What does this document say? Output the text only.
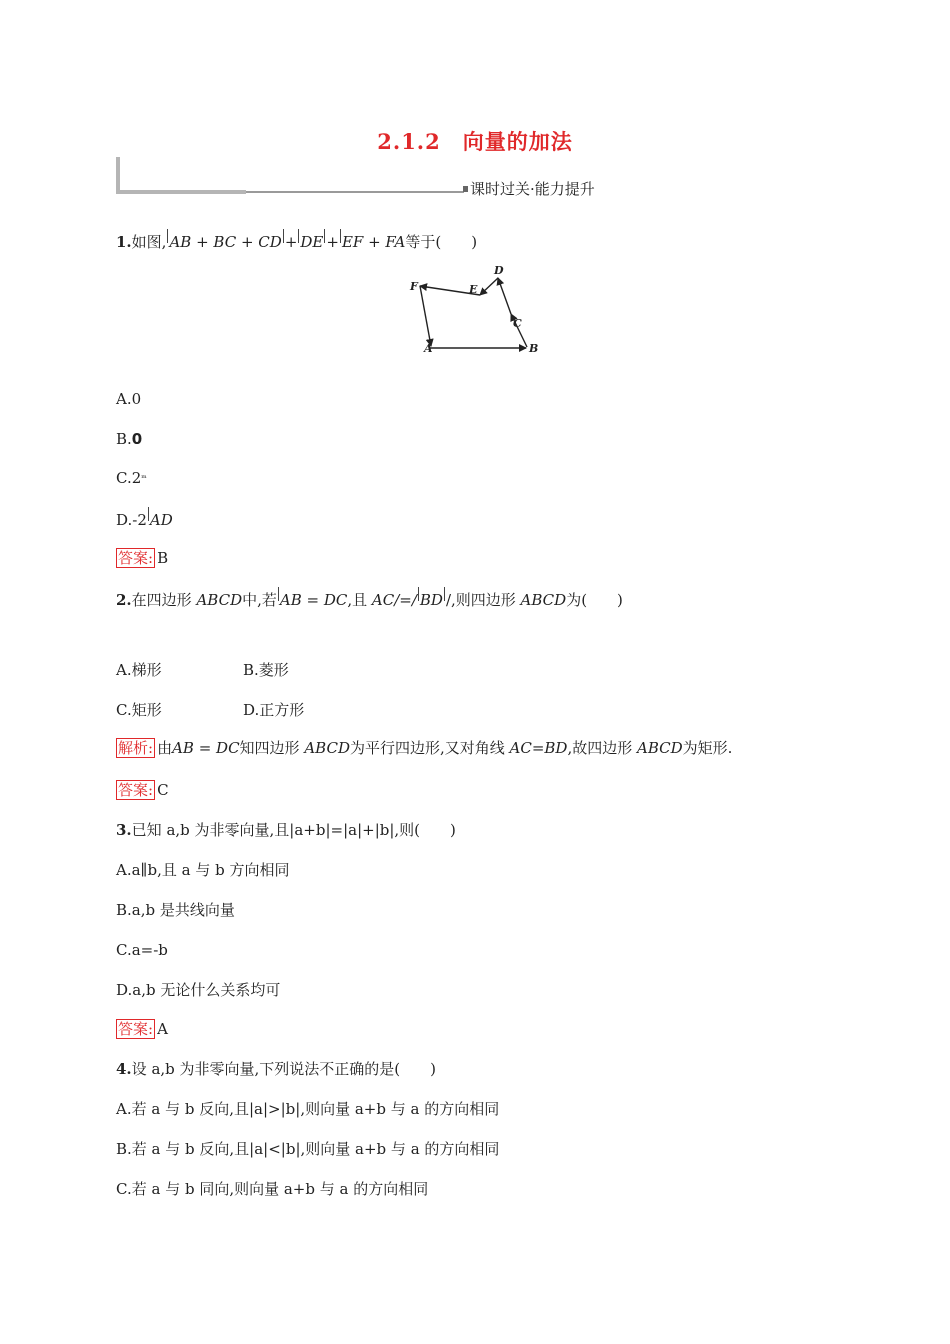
2.1.2　向量的加法
课时过关·能力提升
1.如图, AB + BC + CD + DE + EF + FA等于(　　)
F	E
D
C
A	B
A.0
B.0
C.2ᵐ
D.-2 AD
答案: B
2.在四边形 ABCD中,若 AB = DC,且 AC/=/ BD /,则四边形 ABCD为(　　)
A.梯形	B.菱形
C.矩形	D.正方形
解析: 由AB = DC知四边形 ABCD为平行四边形,又对角线 AC=BD,故四边形 ABCD为矩形.
答案: C
3.已知 a,b 为非零向量,且|a+b|=|a|+|b|,则(　　)
A.a∥b,且 a 与 b 方向相同
B.a,b 是共线向量
C.a=-b
D.a,b 无论什么关系均可
答案: A
4.设 a,b 为非零向量,下列说法不正确的是(　　)
A.若 a 与 b 反向,且|a|>|b|,则向量 a+b 与 a 的方向相同
B.若 a 与 b 反向,且|a|<|b|,则向量 a+b 与 a 的方向相同
C.若 a 与 b 同向,则向量 a+b 与 a 的方向相同
